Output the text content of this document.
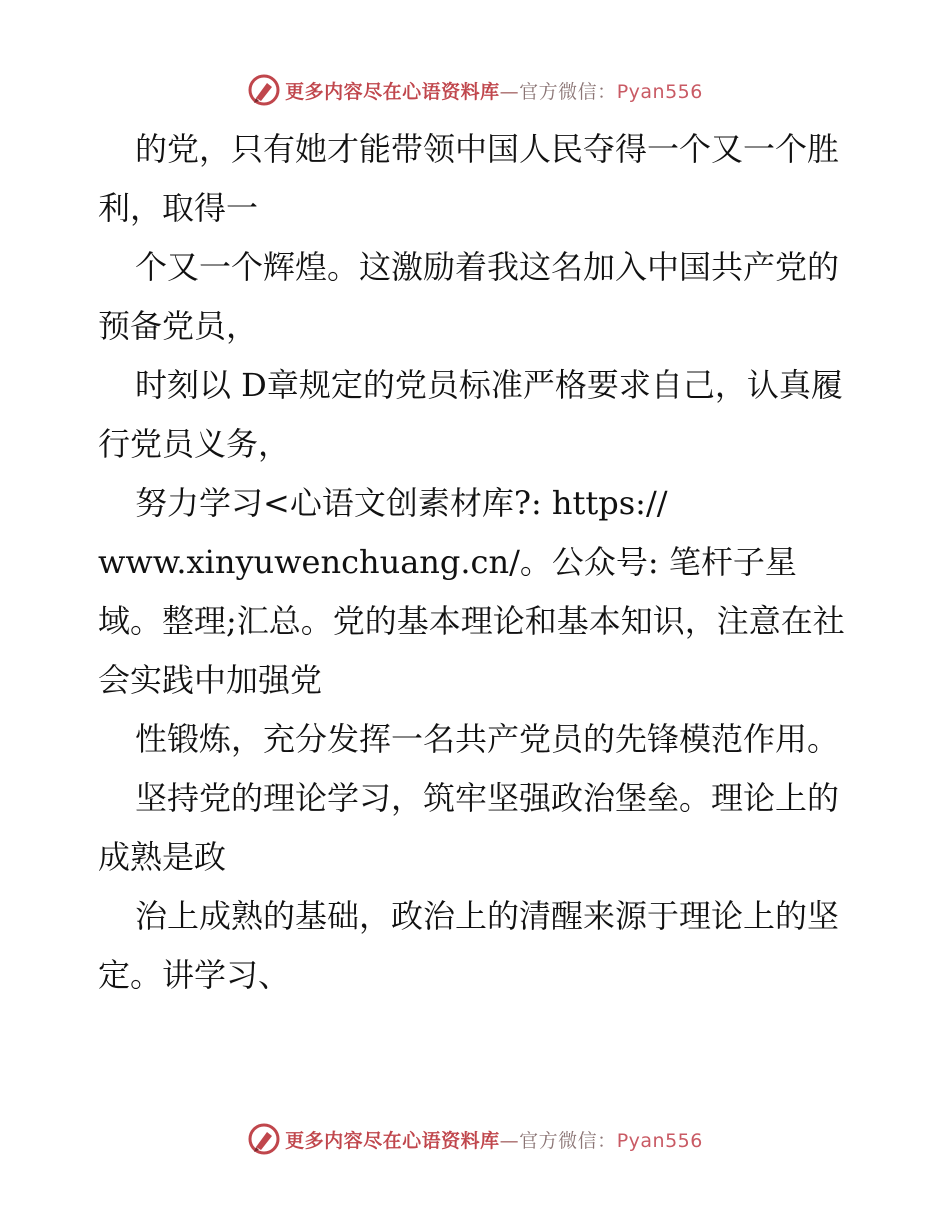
更多内容尽在心语资料库—官方微信：Pyan556

的党，只有她才能带领中国人民夺得一个又一个胜利，取得一

个又一个辉煌。这激励着我这名加入中国共产党的预备党员，

时刻以 D章规定的党员标准严格要求自己，认真履行党员义务，

努力学习<心语文创素材库?: https:// www.xinyuwenchuang.cn/。公众号: 笔杆子星域。整理;汇总。党的基本理论和基本知识，注意在社会实践中加强党

性锻炼，充分发挥一名共产党员的先锋模范作用。

坚持党的理论学习，筑牢坚强政治堡垒。理论上的成熟是政

治上成熟的基础，政治上的清醒来源于理论上的坚定。讲学习、

更多内容尽在心语资料库—官方微信：Pyan556
